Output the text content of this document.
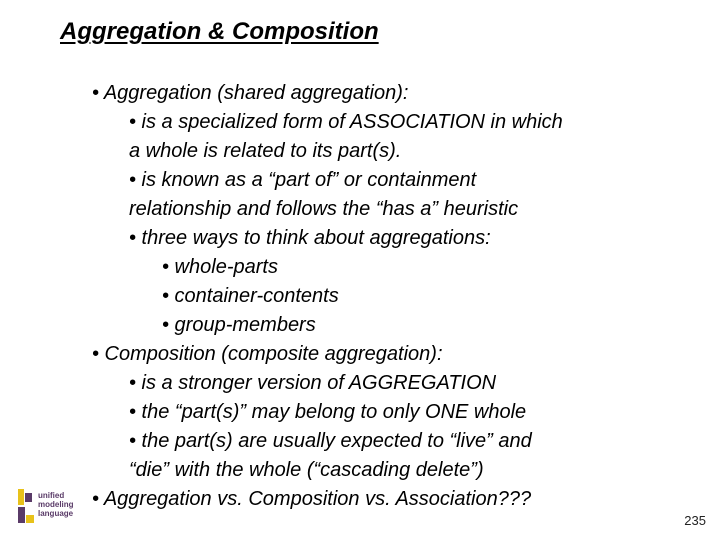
Aggregation & Composition
• Aggregation (shared aggregation):
• is a specialized form of ASSOCIATION in which
a whole is related to its part(s).
• is known as a “part of” or containment
relationship and follows the “has a” heuristic
• three ways to think about aggregations:
• whole-parts
• container-contents
• group-members
• Composition (composite aggregation):
• is a stronger version of AGGREGATION
• the “part(s)” may belong to only ONE whole
• the part(s) are usually expected to “live” and
“die” with the whole (“cascading delete”)
• Aggregation vs. Composition vs. Association???
unified
modeling
language	235
